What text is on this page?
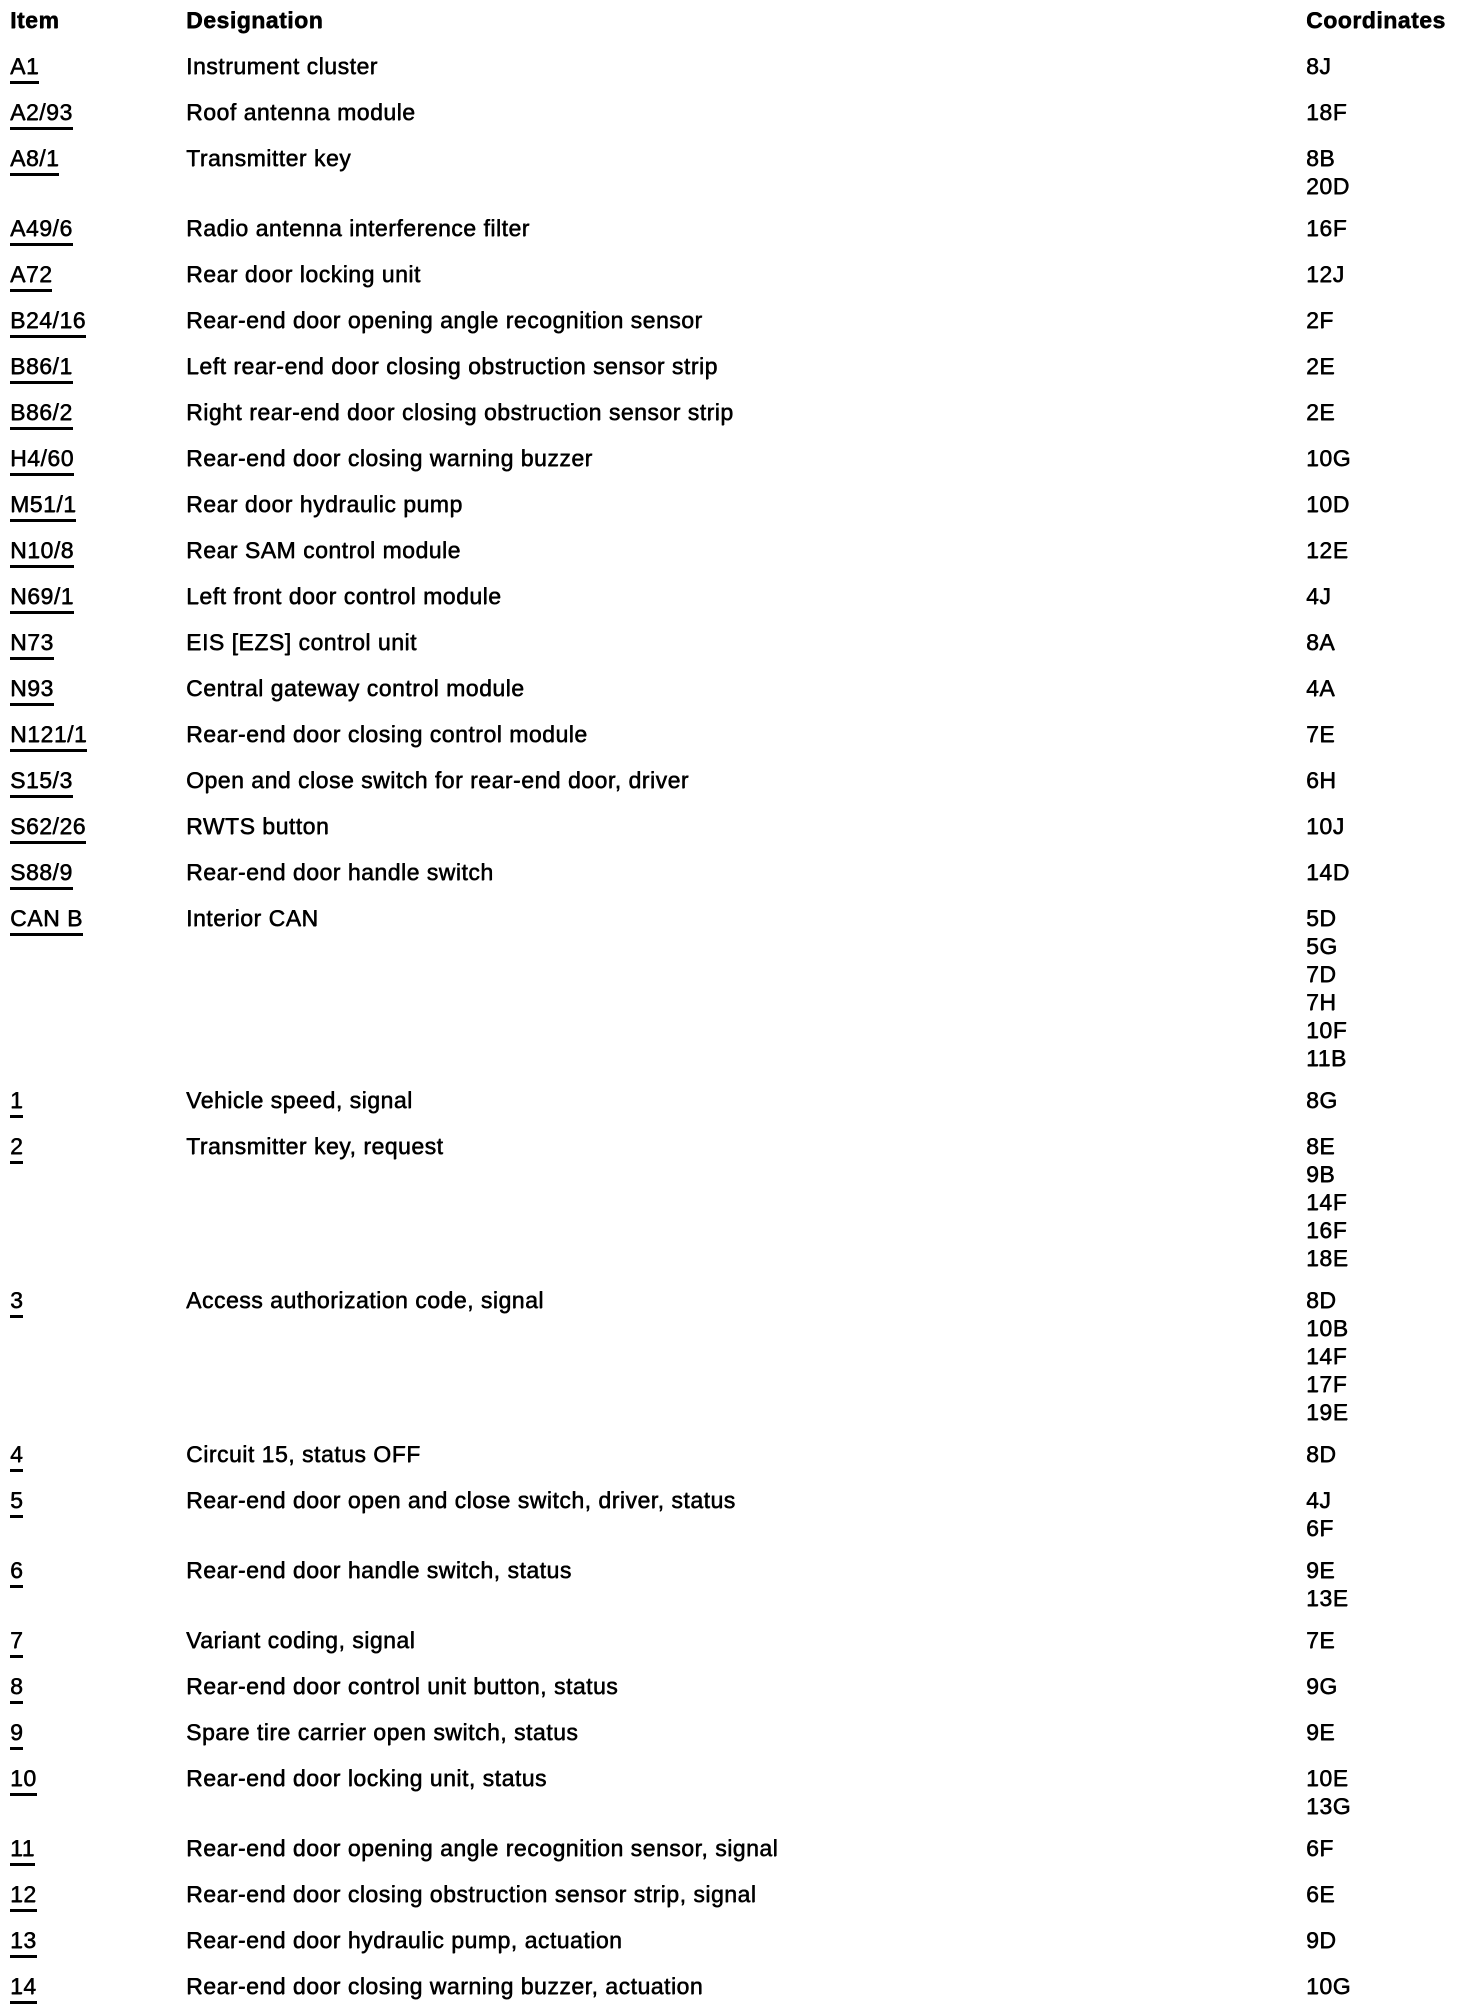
Item	Designation	Coordinates
A1	Instrument cluster	8J
A2/93	Roof antenna module	18F
A8/1	Transmitter key	8B
20D
A49/6	Radio antenna interference filter	16F
A72	Rear door locking unit	12J
B24/16	Rear-end door opening angle recognition sensor	2F
B86/1	Left rear-end door closing obstruction sensor strip	2E
B86/2	Right rear-end door closing obstruction sensor strip	2E
H4/60	Rear-end door closing warning buzzer	10G
M51/1	Rear door hydraulic pump	10D
N10/8	Rear SAM control module	12E
N69/1	Left front door control module	4J
N73	EIS [EZS] control unit	8A
N93	Central gateway control module	4A
N121/1	Rear-end door closing control module	7E
S15/3	Open and close switch for rear-end door, driver	6H
S62/26	RWTS button	10J
S88/9	Rear-end door handle switch	14D
CAN B	Interior CAN	5D
5G
7D
7H
10F
11B
1	Vehicle speed, signal	8G
2	Transmitter key, request	8E
9B
14F
16F
18E
3	Access authorization code, signal	8D
10B
14F
17F
19E
4	Circuit 15, status OFF	8D
5	Rear-end door open and close switch, driver, status	4J
6F
6	Rear-end door handle switch, status	9E
13E
7	Variant coding, signal	7E
8	Rear-end door control unit button, status	9G
9	Spare tire carrier open switch, status	9E
10	Rear-end door locking unit, status	10E
13G
11	Rear-end door opening angle recognition sensor, signal	6F
12	Rear-end door closing obstruction sensor strip, signal	6E
13	Rear-end door hydraulic pump, actuation	9D
14	Rear-end door closing warning buzzer, actuation	10G
